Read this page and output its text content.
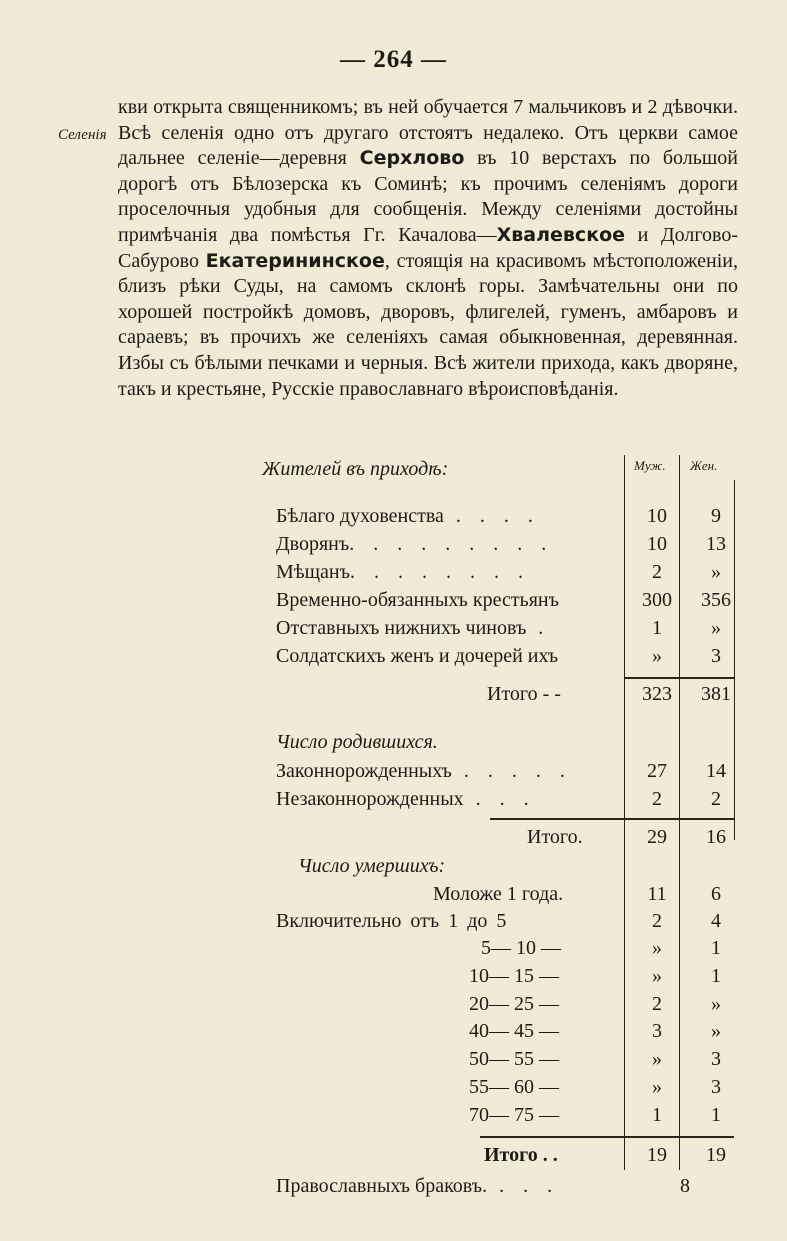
— 264 —
Селенія

кви открыта священникомъ; въ ней обучается 7 мальчиковъ и 2 дѣвочки. Всѣ селенія одно отъ другаго отстоятъ недалеко. Отъ церкви самое дальнее селеніе—деревня Серхлово въ 10 верстахъ по большой дорогѣ отъ Бѣлозерска къ Соминѣ; къ прочимъ селеніямъ дороги проселочныя удобныя для сообщенія. Между селеніями достойны примѣчанія два помѣстья Гг. Качалова—Хвалевское и Долгово-Сабурово Екатерининское, стоящія на красивомъ мѣстоположеніи, близъ рѣки Суды, на самомъ склонѣ горы. Замѣчательны они по хорошей постройкѣ домовъ, дворовъ, флигелей, гуменъ, амбаровъ и сараевъ; въ прочихъ же селеніяхъ самая обыкновенная, деревянная. Избы съ бѣлыми печками и черныя. Всѣ жители прихода, какъ дворяне, такъ и крестьяне, Русскіе православнаго вѣроисповѣданія.

Муж. Жен.
Жителей въ приходѣ:
Бѣлаго духовенства . . . .	10	9
Дворянъ. . . . . . . . .	10	13
Мѣщанъ. . . . . . . .	2	»
Временно-обязанныхъ крестьянъ	300	356
Отставныхъ нижнихъ чиновъ .	1	»
Солдатскихъ женъ и дочерей ихъ	»	3
Итого - -	323	381
Число родившихся.
Законнорожденныхъ . . . . .	27	14
Незаконнорожденных . . .	2	2
Итого.	29	16
Число умершихъ:
Моложе 1 года.	11	6
Включительно отъ 1 до 5	2	4
5— 10 —	»	1
10— 15 —	»	1
20— 25 —	2	»
40— 45 —	3	»
50— 55 —	»	3
55— 60 —	»	3
70— 75 —	1	1
Итого . .	19	19
Православныхъ браковъ. . . .	8
